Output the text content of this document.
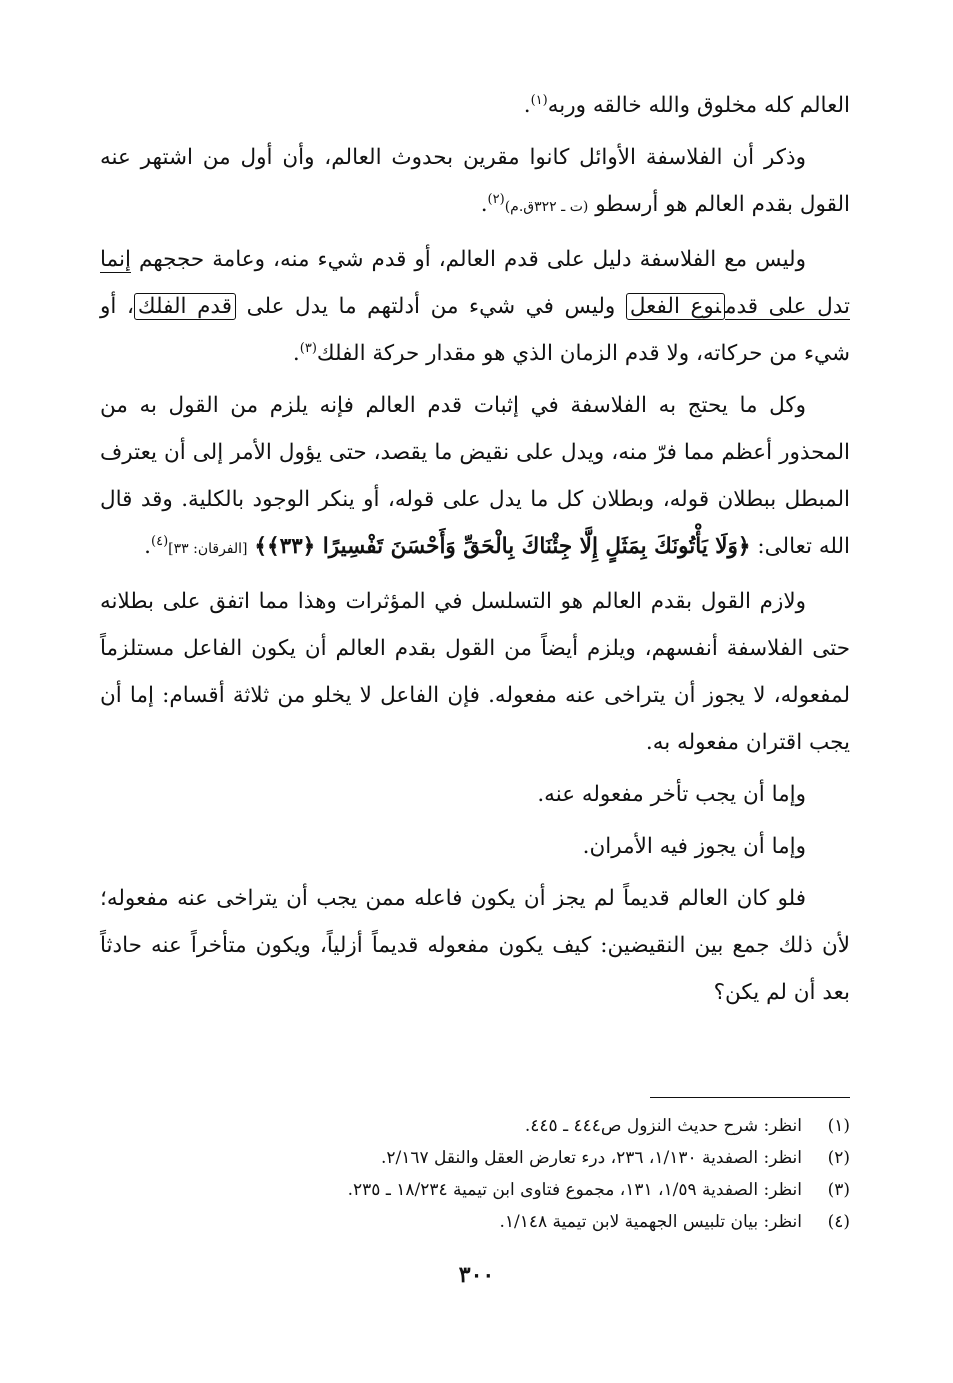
العالم كله مخلوق والله خالقه وربه$^{(١)}$.

وذكر أن الفلاسفة الأوائل كانوا مقرين بحدوث العالم، وأن أول من اشتهر عنه القول بقدم العالم هو أرسطو (ت ـ ٣٢٢ق.م)$^{(٢)}$.

وليس مع الفلاسفة دليل على قدم العالم، أو قدم شيء منه، وعامة حججهم إنما تدل على قدمنوع الفعل وليس في شيء من أدلتهم ما يدل على قدم الفلك، أو شيء من حركاته، ولا قدم الزمان الذي هو مقدار حركة الفلك$^{(٣)}$.

وكل ما يحتج به الفلاسفة في إثبات قدم العالم فإنه يلزم من القول به من المحذور أعظم مما فرّ منه، ويدل على نقيض ما يقصد، حتى يؤول الأمر إلى أن يعترف المبطل ببطلان قوله، وبطلان كل ما يدل على قوله، أو ينكر الوجود بالكلية. وقد قال الله تعالى: ﴿وَلَا يَأْتُونَكَ بِمَثَلٍ إِلَّا جِئْنَاكَ بِالْحَقِّ وَأَحْسَنَ تَفْسِيرًا ﴿٣٣﴾﴾ [الفرقان: ٣٣]$^{(٤)}$.

ولازم القول بقدم العالم هو التسلسل في المؤثرات وهذا مما اتفق على بطلانه حتى الفلاسفة أنفسهم، ويلزم أيضاً من القول بقدم العالم أن يكون الفاعل مستلزماً لمفعوله، لا يجوز أن يتراخى عنه مفعوله. فإن الفاعل لا يخلو من ثلاثة أقسام: إما أن يجب اقتران مفعوله به.

وإما أن يجب تأخر مفعوله عنه.

وإما أن يجوز فيه الأمران.

فلو كان العالم قديماً لم يجز أن يكون فاعله ممن يجب أن يتراخى عنه مفعوله؛ لأن ذلك جمع بين النقيضين: كيف يكون مفعوله قديماً أزلياً، ويكون متأخراً عنه حادثاً بعد أن لم يكن؟

(١)
انظر: شرح حديث النزول ص٤٤٤ ـ ٤٤٥.
(٢)
انظر: الصفدية ١/١٣٠، ٢٣٦، درء تعارض العقل والنقل ٢/١٦٧.
(٣)
انظر: الصفدية ١/٥٩، ١٣١، مجموع فتاوى ابن تيمية ١٨/٢٣٤ ـ ٢٣٥.
(٤)
انظر: بيان تلبيس الجهمية لابن تيمية ١/١٤٨.
٣٠٠
